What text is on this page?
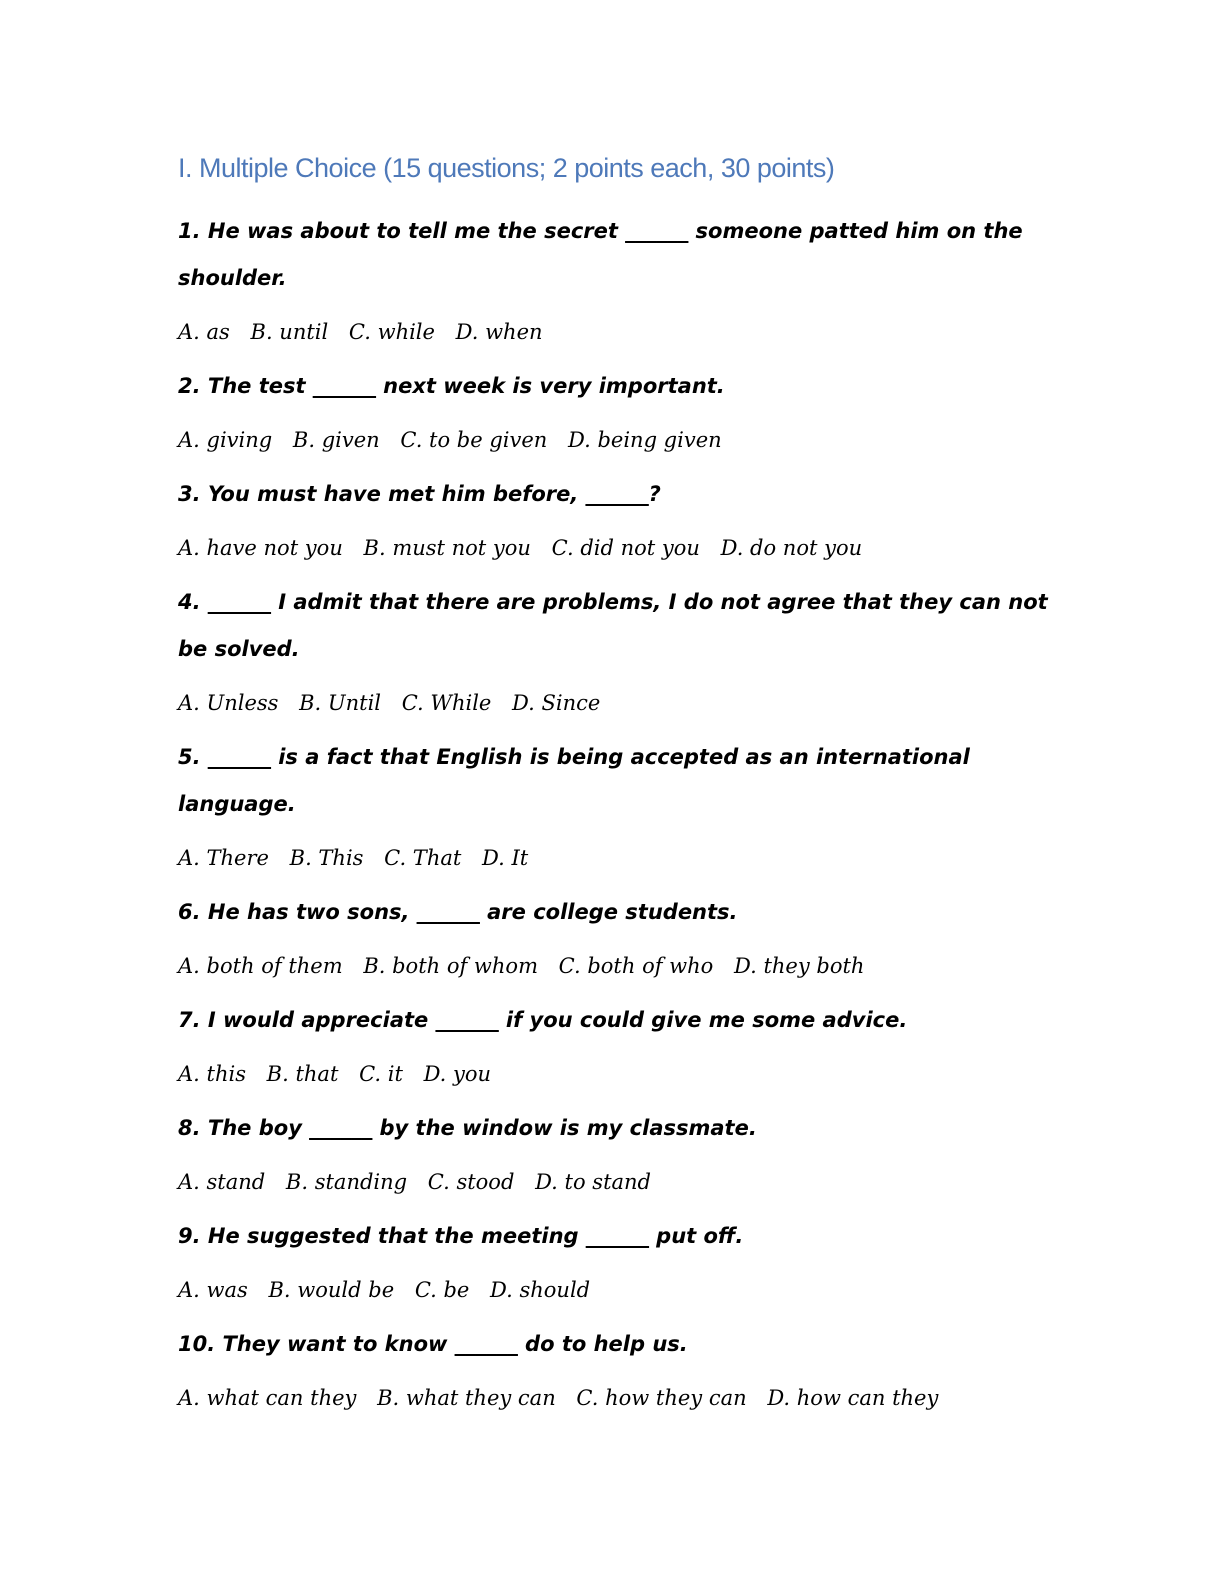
I. Multiple Choice (15 questions; 2 points each, 30 points)

1. He was about to tell me the secret ______ someone patted him on the shoulder.

A. as B. until C. while D. when

2. The test ______ next week is very important.

A. giving B. given C. to be given D. being given

3. You must have met him before, ______?

A. have not you B. must not you C. did not you D. do not you

4. ______ I admit that there are problems, I do not agree that they can not be solved.

A. Unless B. Until C. While D. Since

5. ______ is a fact that English is being accepted as an international language.

A. There B. This C. That D. It

6. He has two sons, ______ are college students.

A. both of them B. both of whom C. both of who D. they both

7. I would appreciate ______ if you could give me some advice.

A. this B. that C. it D. you

8. The boy ______ by the window is my classmate.

A. stand B. standing C. stood D. to stand

9. He suggested that the meeting ______ put off.

A. was B. would be C. be D. should

10. They want to know ______ do to help us.

A. what can they B. what they can C. how they can D. how can they
